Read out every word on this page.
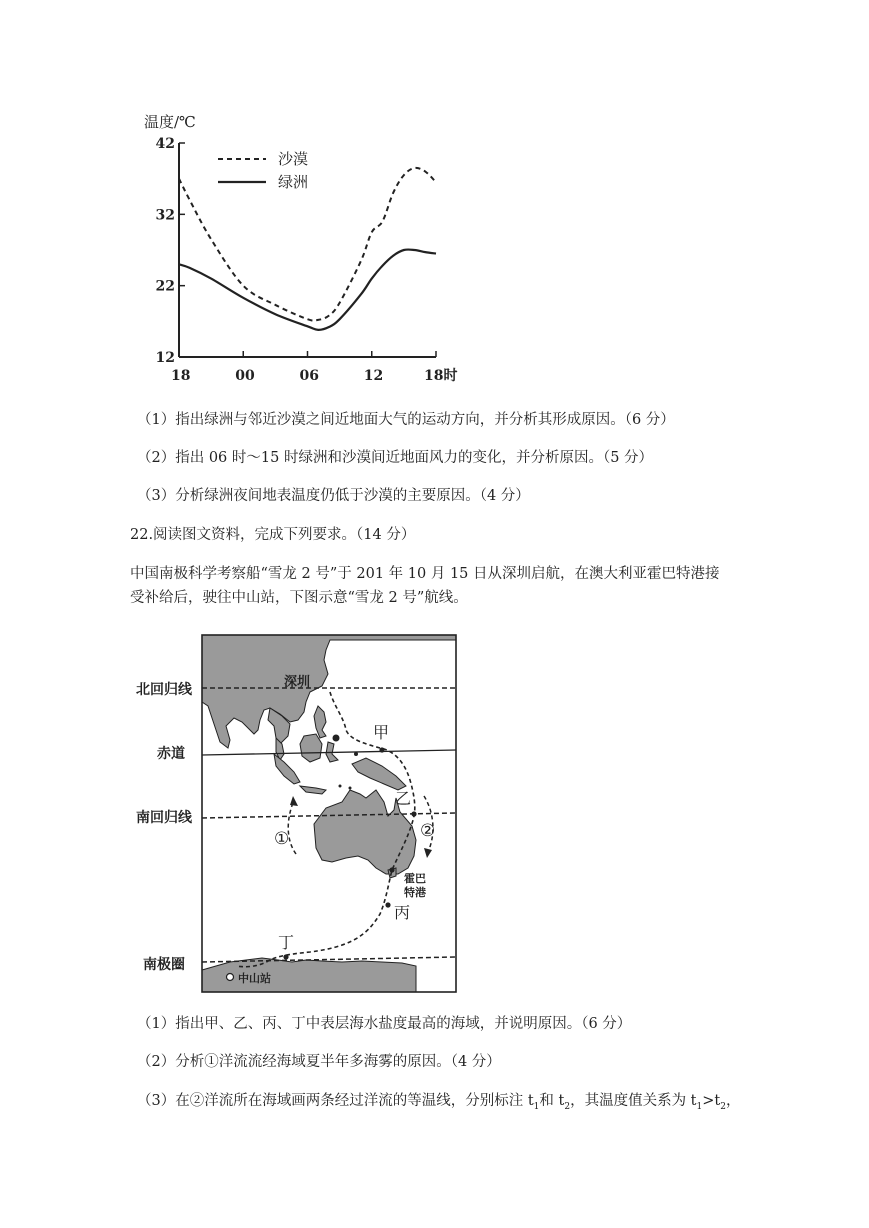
温度/℃
42
32
22
12
18	00	06	12	18时
沙漠
绿洲
（1）指出绿洲与邻近沙漠之间近地面大气的运动方向，并分析其形成原因。（6 分）
（2）指出 06 时～15 时绿洲和沙漠间近地面风力的变化，并分析原因。（5 分）
（3）分析绿洲夜间地表温度仍低于沙漠的主要原因。（4 分）
22.阅读图文资料，完成下列要求。（14 分）
中国南极科学考察船“雪龙 2 号”于 201 年 10 月 15 日从深圳启航，在澳大利亚霍巴特港接
受补给后，驶往中山站，下图示意“雪龙 2 号”航线。
北回归线
赤道
南回归线
南极圈
深圳
甲
乙
①	②
霍巴
特港
丙
丁
中山站
（1）指出甲、乙、丙、丁中表层海水盐度最高的海域，并说明原因。（6 分）
（2）分析①洋流流经海域夏半年多海雾的原因。（4 分）
（3）在②洋流所在海域画两条经过洋流的等温线，分别标注 $t_1$和 $t_2$，其温度值关系为 $t_1>t_2$，
